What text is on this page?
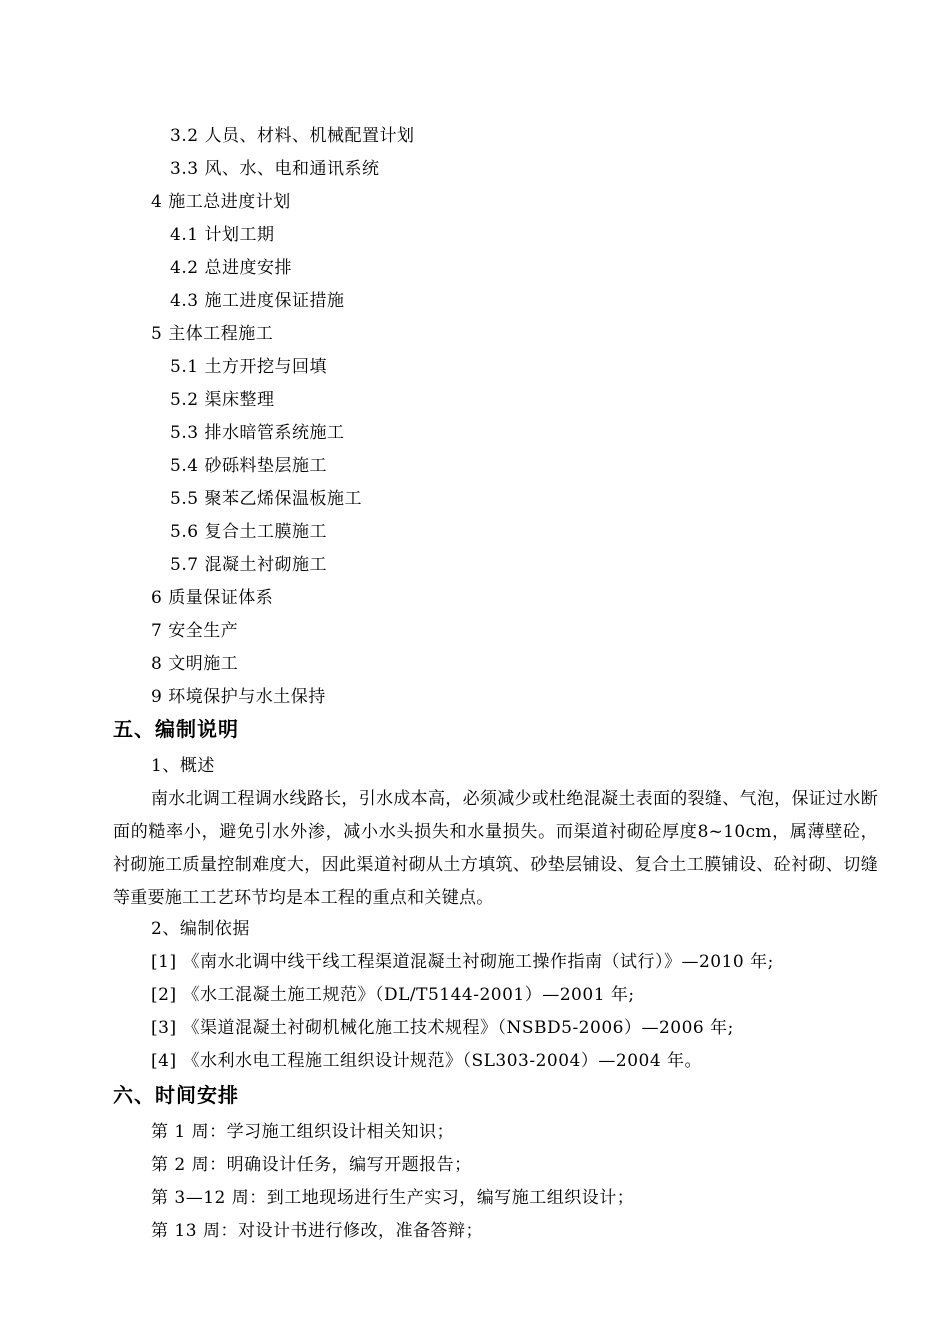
3.2 人员、材料、机械配置计划
3.3 风、水、电和通讯系统
4 施工总进度计划
4.1 计划工期
4.2 总进度安排
4.3 施工进度保证措施
5 主体工程施工
5.1 土方开挖与回填
5.2 渠床整理
5.3 排水暗管系统施工
5.4 砂砾料垫层施工
5.5 聚苯乙烯保温板施工
5.6 复合土工膜施工
5.7 混凝土衬砌施工
6 质量保证体系
7 安全生产
8 文明施工
9 环境保护与水土保持
五、编制说明
1、概述
南水北调工程调水线路长，引水成本高，必须减少或杜绝混凝土表面的裂缝、气泡，保证过水断面的糙率小，避免引水外渗，减小水头损失和水量损失。而渠道衬砌砼厚度8~10cm，属薄壁砼，衬砌施工质量控制难度大，因此渠道衬砌从土方填筑、砂垫层铺设、复合土工膜铺设、砼衬砌、切缝等重要施工工艺环节均是本工程的重点和关键点。
2、编制依据
[1] 《南水北调中线干线工程渠道混凝土衬砌施工操作指南（试行）》—2010 年;
[2] 《水工混凝土施工规范》（DL/T5144-2001）—2001 年;
[3] 《渠道混凝土衬砌机械化施工技术规程》（NSBD5-2006）—2006 年;
[4] 《水利水电工程施工组织设计规范》（SL303-2004）—2004 年。
六、时间安排
第 1 周：学习施工组织设计相关知识；
第 2 周：明确设计任务，编写开题报告；
第 3—12 周：到工地现场进行生产实习，编写施工组织设计；
第 13 周：对设计书进行修改，准备答辩；
